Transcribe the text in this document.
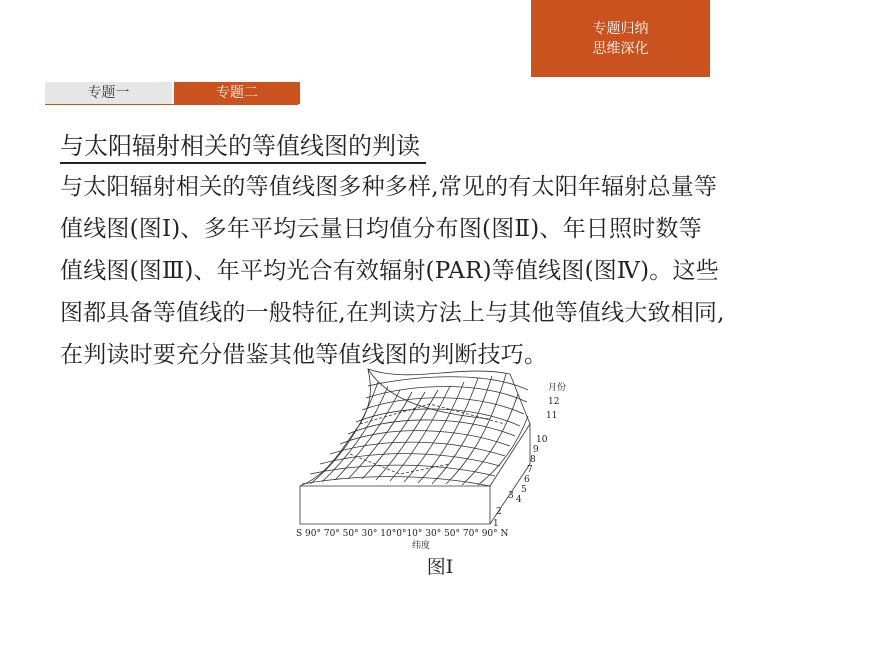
专题归纳
思维深化
专题一	专题二
与太阳辐射相关的等值线图的判读
与太阳辐射相关的等值线图多种多样,常见的有太阳年辐射总量等
值线图(图Ⅰ)、多年平均云量日均值分布图(图Ⅱ)、年日照时数等
值线图(图Ⅲ)、年平均光合有效辐射(PAR)等值线图(图Ⅳ)。这些
图都具备等值线的一般特征,在判读方法上与其他等值线大致相同,
在判读时要充分借鉴其他等值线图的判断技巧。
月份
12
11
10
9
8
7
6
5
4
3
2
1
S 90° 70° 50° 30° 10°0°10° 30° 50° 70° 90° N
纬度
图Ⅰ
